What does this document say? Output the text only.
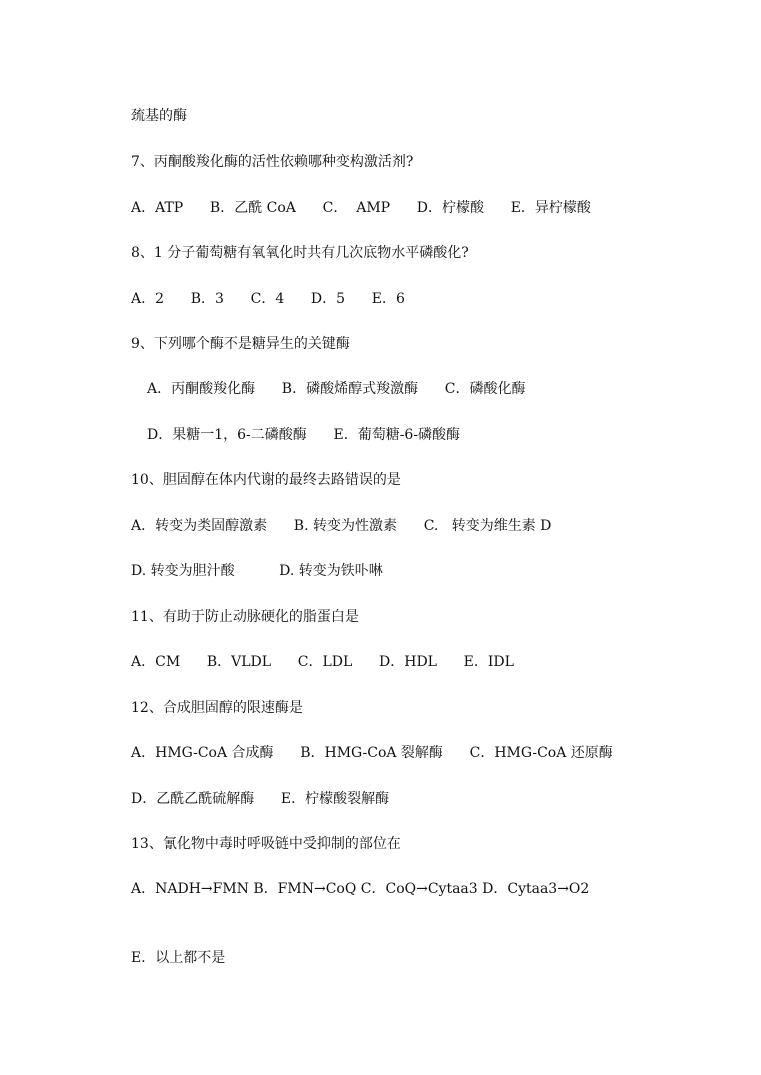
巯基的酶
7、丙酮酸羧化酶的活性依赖哪种变构激活剂?
A．ATP      B．乙酰 CoA      C．  AMP      D．柠檬酸      E．异柠檬酸
8、1 分子葡萄糖有氧氧化时共有几次底物水平磷酸化?
A．2      B．3      C．4      D．5      E．6
9、下列哪个酶不是糖异生的关键酶
A．丙酮酸羧化酶      B．磷酸烯醇式羧激酶      C．磷酸化酶
D．果糖一1，6-二磷酸酶      E．葡萄糖-6-磷酸酶
10、胆固醇在体内代谢的最终去路错误的是
A．转变为类固醇激素      B. 转变为性激素      C.   转变为维生素 D
D. 转变为胆汁酸          D. 转变为铁卟啉
11、有助于防止动脉硬化的脂蛋白是
A．CM      B．VLDL      C．LDL      D．HDL      E．IDL
12、合成胆固醇的限速酶是
A．HMG-CoA 合成酶      B．HMG-CoA 裂解酶      C．HMG-CoA 还原酶
D．乙酰乙酰硫解酶      E．柠檬酸裂解酶
13、氰化物中毒时呼吸链中受抑制的部位在
A．NADH→FMN B．FMN→CoQ C．CoQ→Cytaa3 D．Cytaa3→O2
E．以上都不是
